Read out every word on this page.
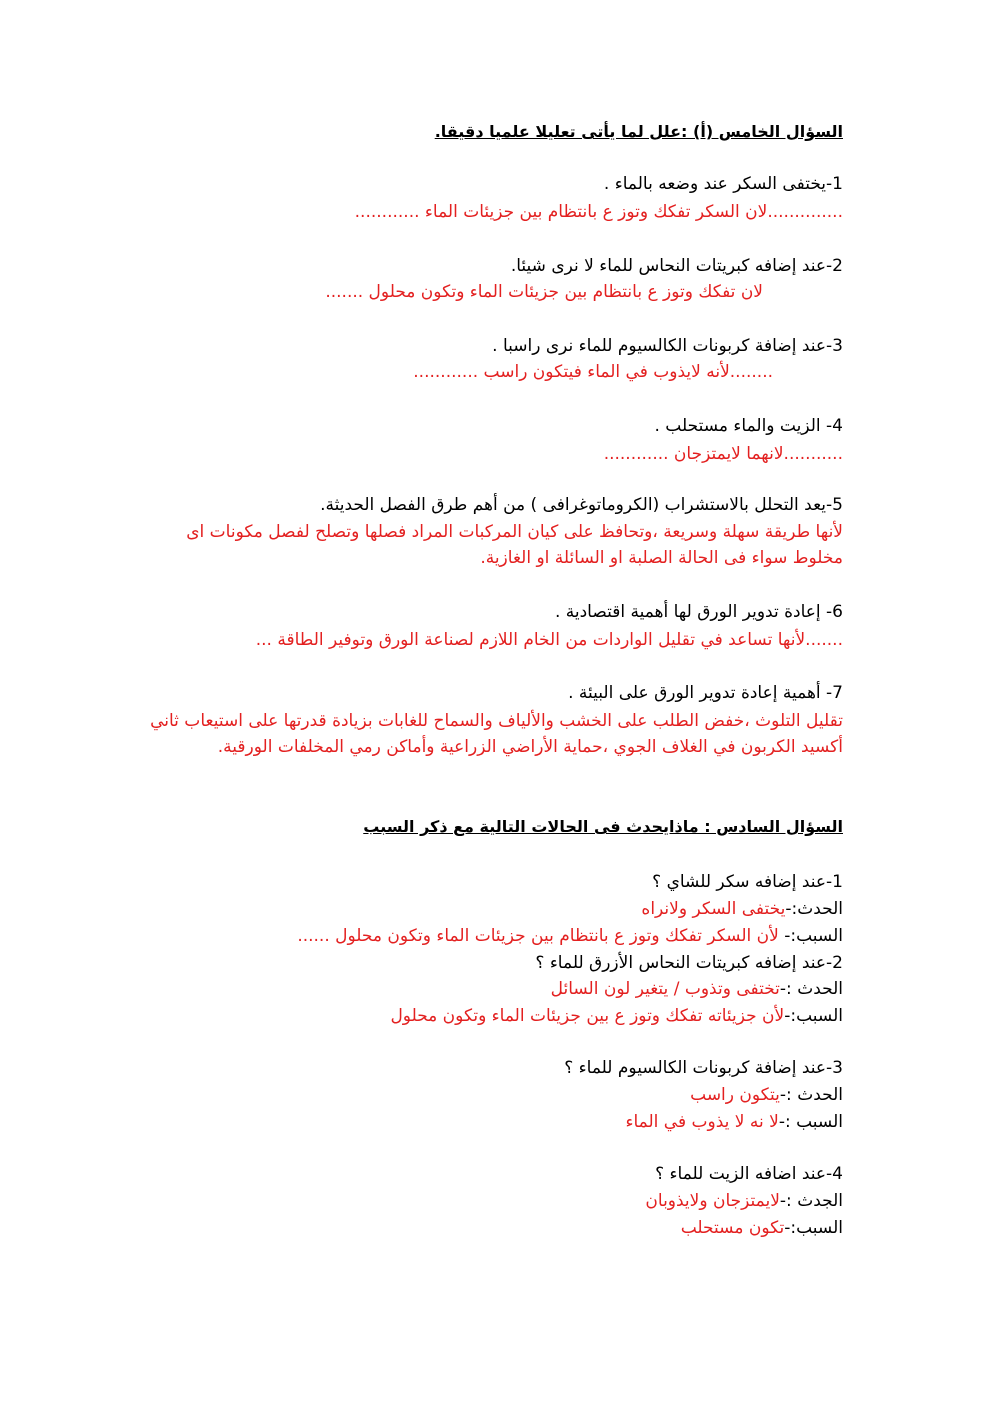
السؤال الخامس (أ) :علل لما يأتى تعليلا علميا دقيقا.
1-يختفى السكر عند وضعه بالماء .
..............لان السكر تفكك وتوز ع بانتظام بين جزيئات الماء ............
2-عند إضافه كبريتات النحاس للماء لا نرى شيئا.
لان تفكك وتوز ع بانتظام بين جزيئات الماء وتكون محلول .......
3-عند إضافة كربونات الكالسيوم للماء نرى راسبا .
........لأنه لايذوب في الماء فيتكون راسب ............
4- الزيت والماء مستحلب .
...........لانهما لايمتزجان ............
5-يعد التحلل بالاستشراب (الكروماتوغرافى ) من أهم طرق الفصل الحديثة.
لأنها طريقة سهلة وسريعة ،وتحافظ على كيان المركبات المراد فصلها وتصلح لفصل مكونات اى مخلوط سواء فى الحالة الصلبة او السائلة او الغازية.
6- إعادة تدوير الورق لها أهمية اقتصادية .
.......لأنها تساعد في تقليل الواردات من الخام اللازم لصناعة الورق وتوفير الطاقة ...
7- أهمية إعادة تدوير الورق على البيئة .
تقليل التلوث ،خفض الطلب على الخشب والألياف والسماح للغابات بزيادة قدرتها على استيعاب ثاني أكسيد الكربون في الغلاف الجوي ،حماية الأراضي الزراعية وأماكن رمي المخلفات الورقية.
السؤال السادس : ماذايحدث فى الحالات التالية مع ذكر السبب
1-عند إضافه سكر للشاي ؟
الحدث:-يختفى السكر ولانراه
السبب:- لأن السكر تفكك وتوز ع بانتظام بين جزيئات الماء وتكون محلول ......
2-عند إضافه كبريتات النحاس الأزرق للماء ؟
الحدث :-تختفى وتذوب / يتغير لون السائل
السبب:-لأن جزيئاته تفكك وتوز ع بين جزيئات الماء وتكون محلول
3-عند إضافة كربونات الكالسيوم للماء ؟
الحدث :-يتكون راسب
السبب :-لا نه لا يذوب في الماء
4-عند اضافه الزيت للماء ؟
الجدث :-لايمتزجان ولايذوبان
السبب:-تكون مستحلب
